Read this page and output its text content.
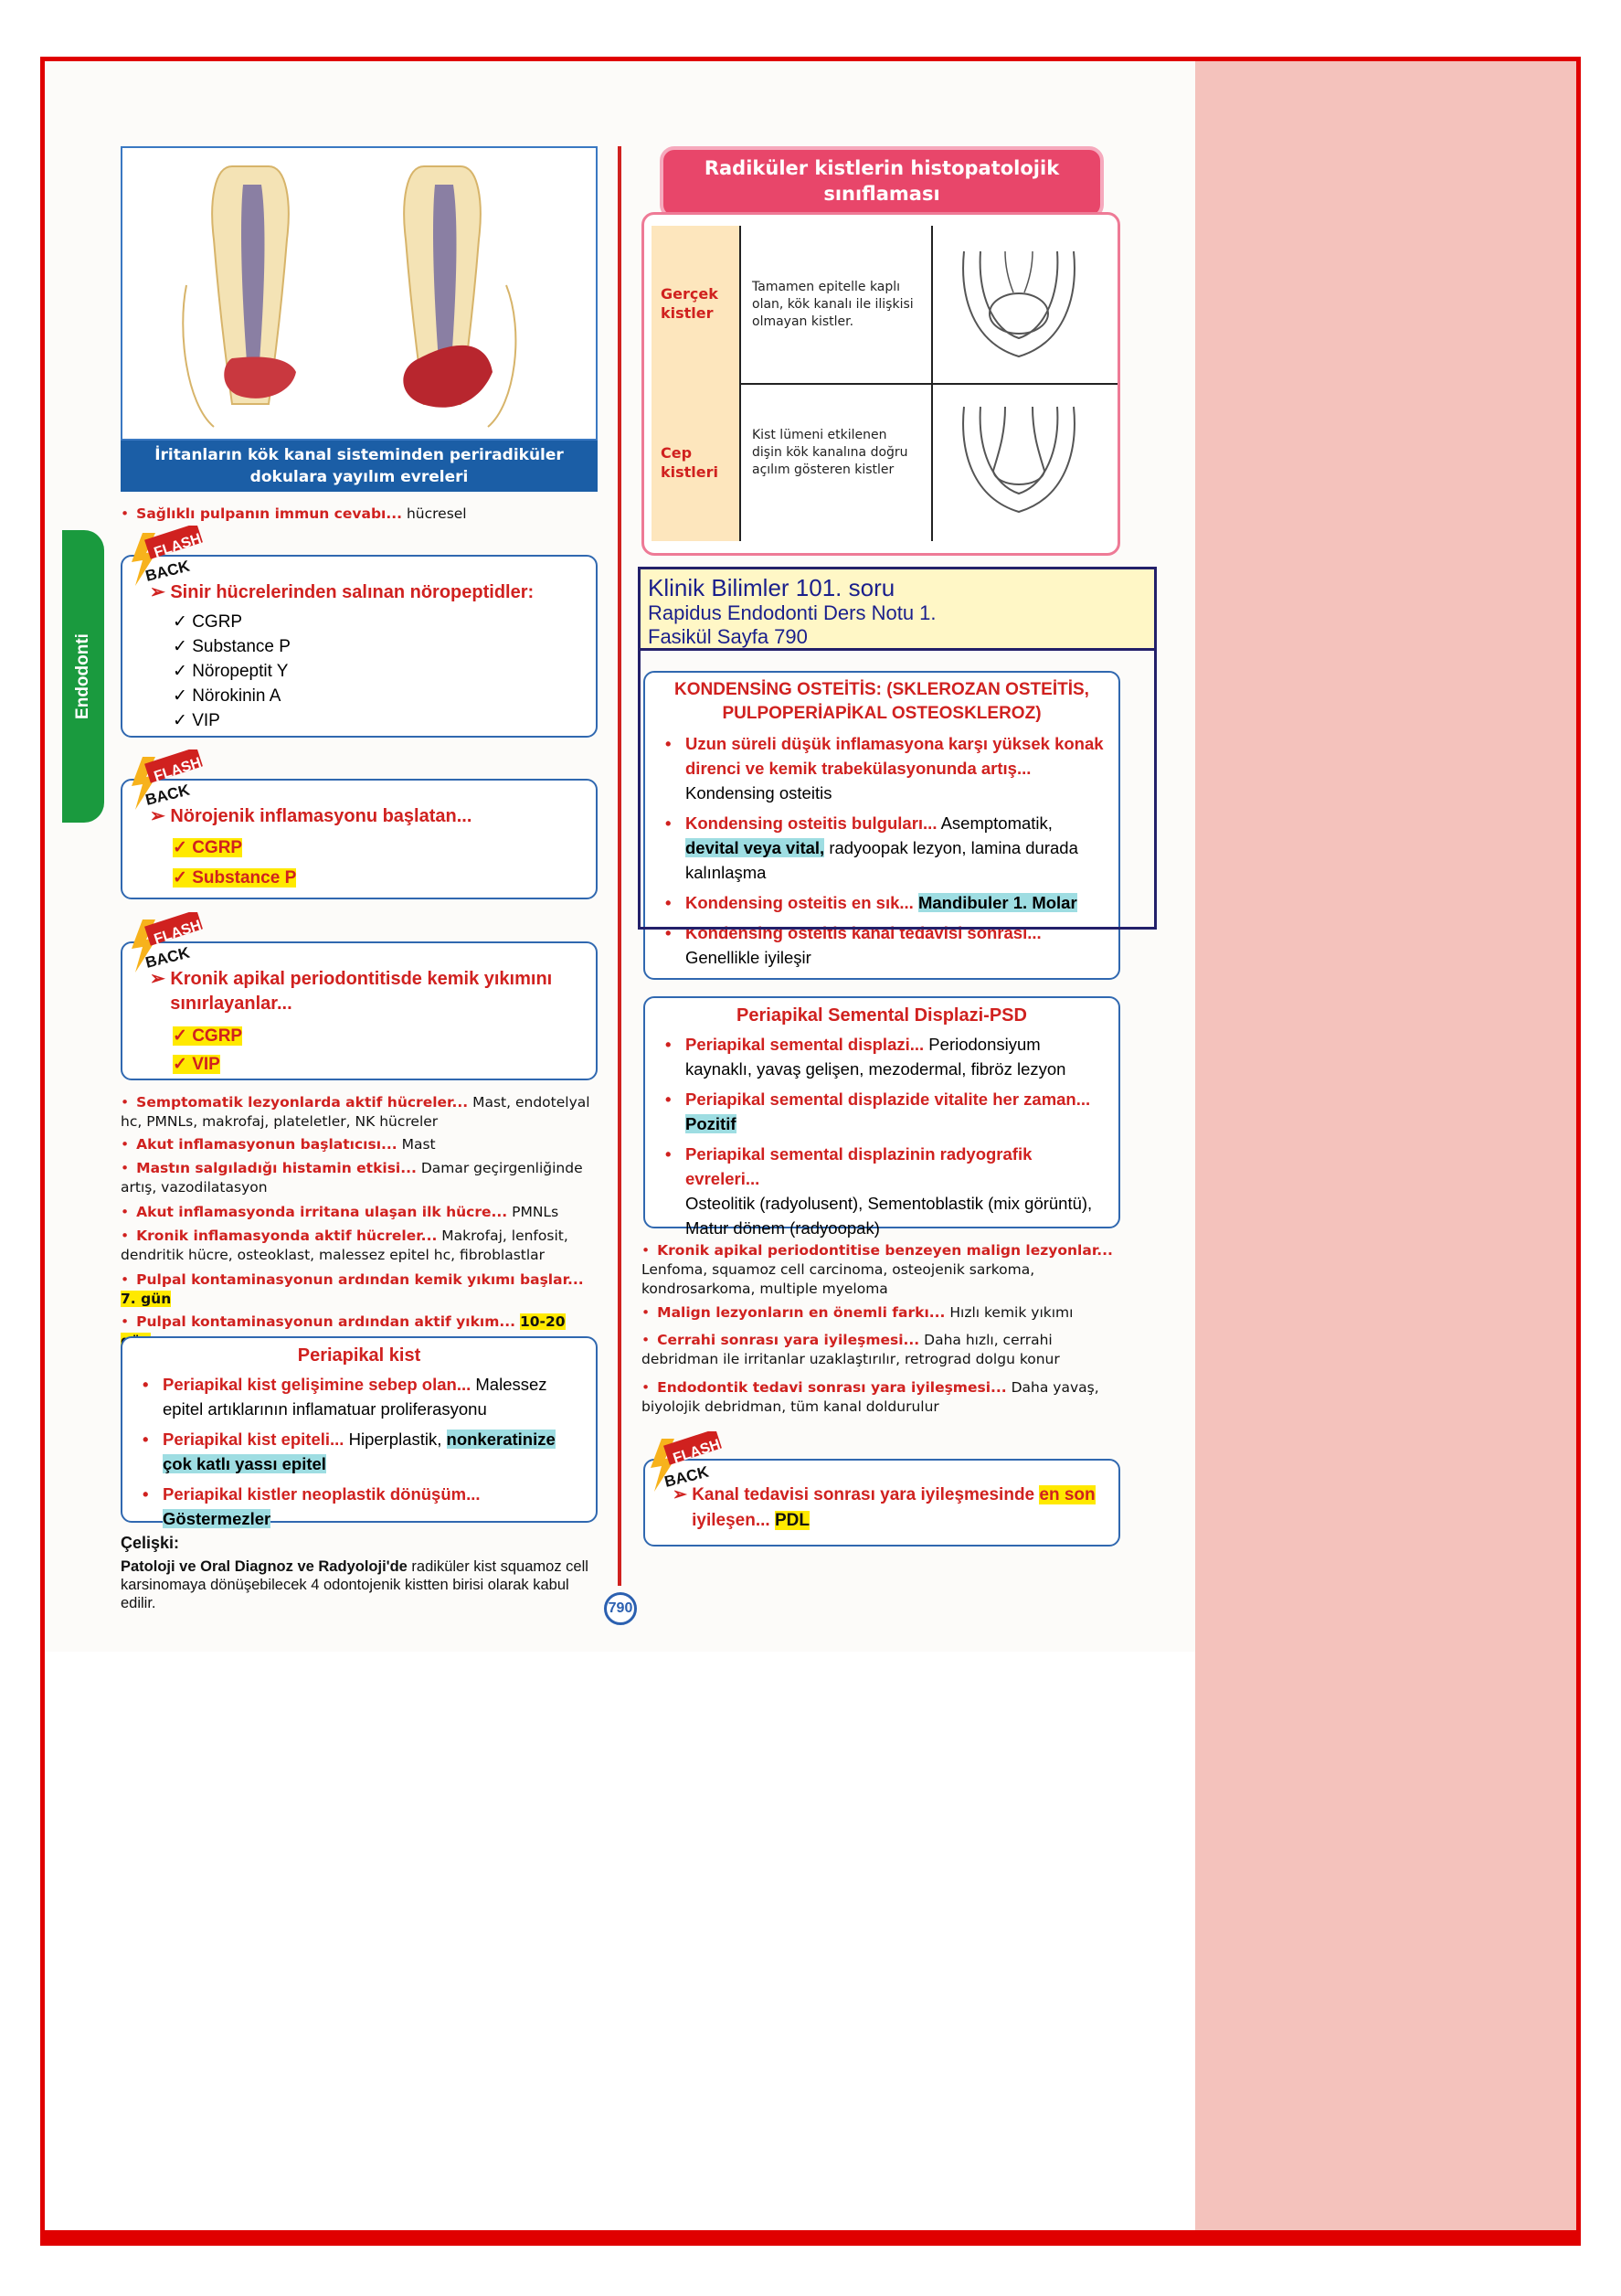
Endodonti
İritanların kök kanal sisteminden periradiküler dokulara yayılım evreleri
• Sağlıklı pulpanın immun cevabı... hücresel
➢ Sinir hücrelerinden salınan nöropeptidler:
✓ CGRP
✓ Substance P
✓ Nöropeptit Y
✓ Nörokinin A
✓ VIP
➢ Nörojenik inflamasyonu başlatan...
✓ CGRP
✓ Substance P
➢ Kronik apikal periodontitisde kemik yıkımını
sınırlayanlar...
✓ CGRP
✓ VIP
FLASH
BACK
FLASH
BACK
FLASH
BACK
• Semptomatik lezyonlarda aktif hücreler... Mast, endotelyal hc, PMNLs, makrofaj, plateletler, NK hücreler
• Akut inflamasyonun başlatıcısı... Mast
• Mastın salgıladığı histamin etkisi... Damar geçirgenliğinde artış, vazodilatasyon
• Akut inflamasyonda irritana ulaşan ilk hücre... PMNLs
• Kronik inflamasyonda aktif hücreler... Makrofaj, lenfosit, dendritik hücre, osteoklast, malessez epitel hc, fibroblastlar
• Pulpal kontaminasyonun ardından kemik yıkımı başlar... 7. gün
• Pulpal kontaminasyonun ardından aktif yıkım... 10-20
Periapikal kist
• Periapikal kist gelişimine sebep olan... Malessez epitel artıklarının inflamatuar proliferasyonu
• Periapikal kist epiteli... Hiperplastik, nonkeratinize çok katlı yassı epitel
• Periapikal kistler neoplastik dönüşüm... Göstermezler
Çelişki:
Patoloji ve Oral Diagnoz ve Radyoloji'de radiküler kist squamoz cell karsinomaya dönüşebilecek 4 odontojenik kistten birisi olarak kabul edilir.	790
Radiküler kistlerin histopatolojik sınıflaması
Gerçek
kistler
Tamamen epitelle kaplı olan, kök kanalı ile ilişkisi olmayan kistler.
Cep
kistleri
Kist lümeni etkilenen dişin kök kanalına doğru açılım gösteren kistler
Klinik Bilimler 101. soru
Rapidus Endodonti Ders Notu 1.
Fasikül Sayfa 790
KONDENSİNG OSTEİTİS: (SKLEROZAN OSTEİTİS,
PULPOPERİAPİKAL OSTEOSKLEROZ)
• Uzun süreli düşük inflamasyona karşı yüksek konak direnci ve kemik trabekülasyonunda artış...
Kondensing osteitis
• Kondensing osteitis bulguları... Asemptomatik, devital veya vital, radyoopak lezyon, lamina durada kalınlaşma
• Kondensing osteitis en sık... Mandibuler 1. Molar
• Kondensing osteitis kanal tedavisi sonrası...
Genellikle iyileşir
Periapikal Semental Displazi-PSD
• Periapikal semental displazi... Periodonsiyum kaynaklı, yavaş gelişen, mezodermal, fibröz lezyon
• Periapikal semental displazide vitalite her zaman...
Pozitif
• Periapikal semental displazinin radyografik evreleri...
Osteolitik (radyolusent), Sementoblastik (mix görüntü), Matur dönem (radyoopak)
• Kronik apikal periodontitise benzeyen malign lezyonlar...
Lenfoma, squamoz cell carcinoma, osteojenik sarkoma, kondrosarkoma, multiple myeloma
• Malign lezyonların en önemli farkı... Hızlı kemik yıkımı
• Cerrahi sonrası yara iyileşmesi... Daha hızlı, cerrahi debridman ile irritanlar uzaklaştırılır, retrograd dolgu konur
• Endodontik tedavi sonrası yara iyileşmesi... Daha yavaş, biyolojik debridman, tüm kanal doldurulur
➢ Kanal tedavisi sonrası yara iyileşmesinde en son
iyileşen... PDL
FLASH
BACK
